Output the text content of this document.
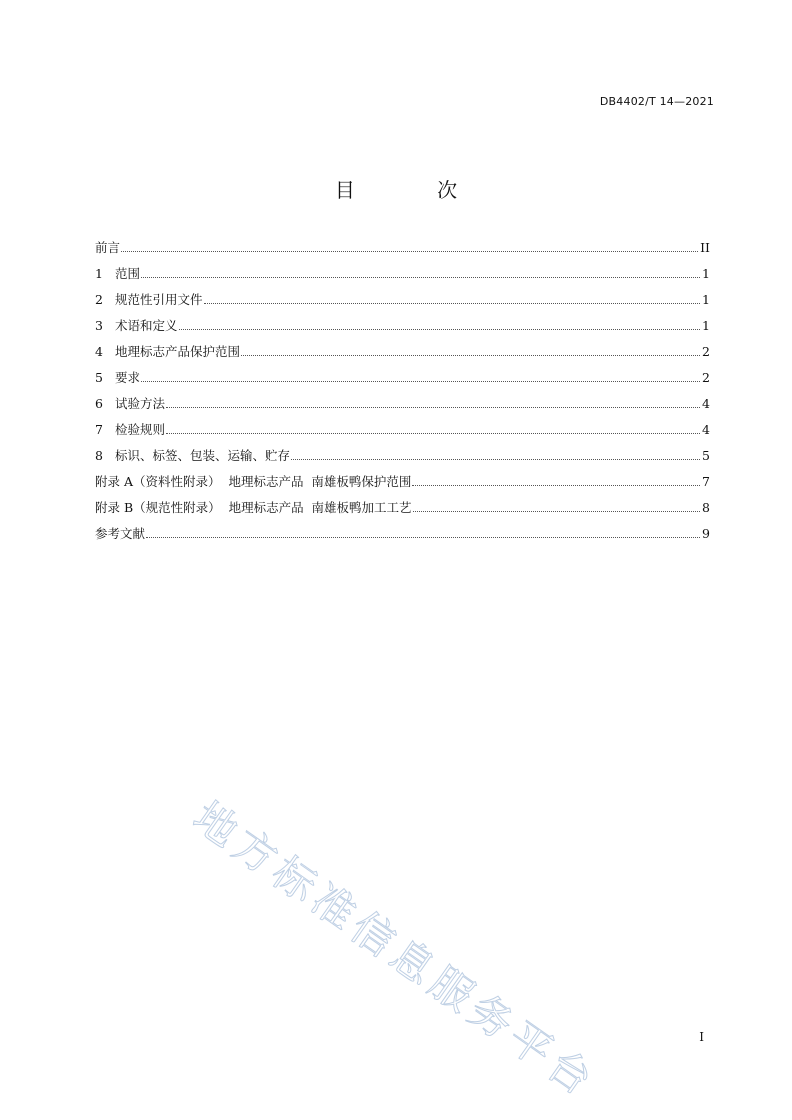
DB4402/T 14—2021
目 次
前言	II
1 范围	1
2 规范性引用文件	1
3 术语和定义	1
4 地理标志产品保护范围	2
5 要求	2
6 试验方法	4
7 检验规则	4
8 标识、标签、包装、运输、贮存	5
附录 A（资料性附录）  地理标志产品  南雄板鸭保护范围	7
附录 B（规范性附录）  地理标志产品  南雄板鸭加工工艺	8
参考文献	9
地方标准信息服务平台	I
